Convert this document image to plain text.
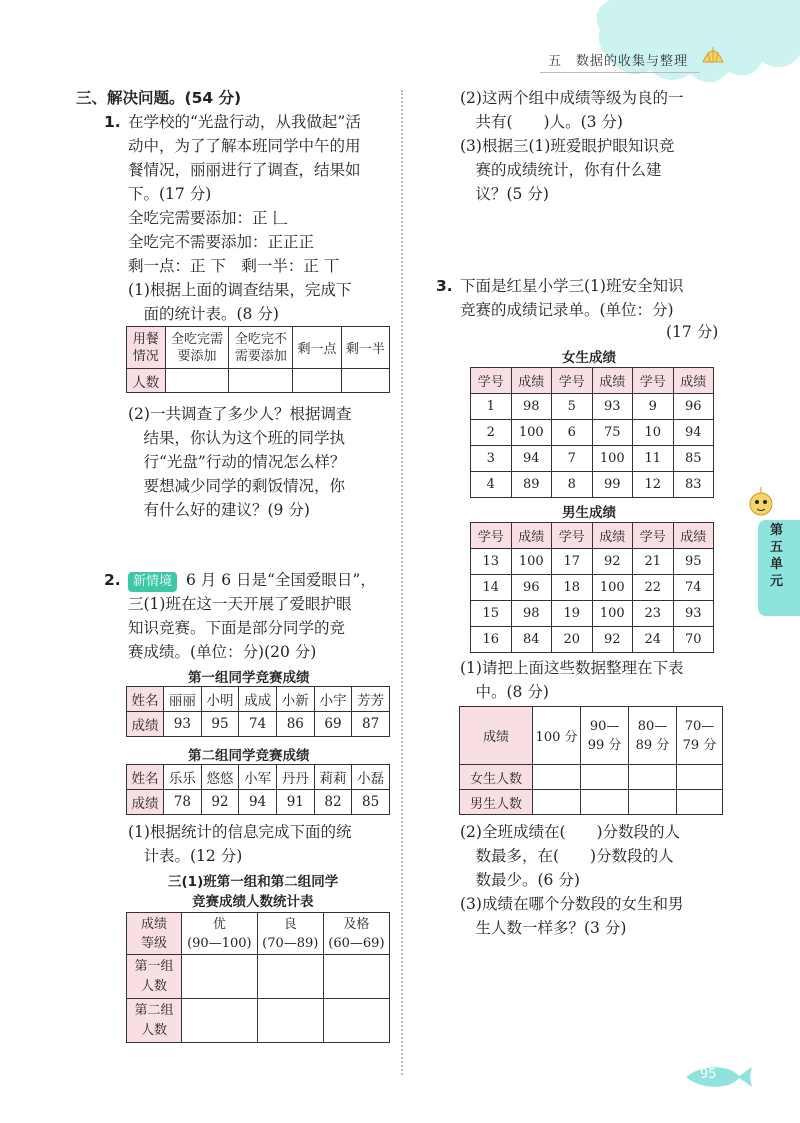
五　数据的收集与整理
三、解决问题。(54 分)
1. 在学校的“光盘行动，从我做起”活
动中，为了了解本班同学中午的用
餐情况，丽丽进行了调查，结果如
下。(17 分)
全吃完需要添加：正 𠃊
全吃完不需要添加：正正正
剩一点：正 下　剩一半：正 丅
(1)根据上面的调查结果，完成下
　面的统计表。(8 分)
用餐
情况	全吃完需
要添加	全吃完不
需要添加	剩一点	剩一半
人数				
(2)一共调查了多少人？根据调查
　结果，你认为这个班的同学执
　行“光盘”行动的情况怎么样？
　要想减少同学的剩饭情况，你
　有什么好的建议？(9 分)
2. 新情境 6 月 6 日是“全国爱眼日”，
三(1)班在这一天开展了爱眼护眼
知识竞赛。下面是部分同学的竞
赛成绩。(单位：分)(20 分)
第一组同学竞赛成绩
姓名	丽丽	小明	成成	小新	小宇	芳芳
成绩	93	95	74	86	69	87
第二组同学竞赛成绩
姓名	乐乐	悠悠	小军	丹丹	莉莉	小磊
成绩	78	92	94	91	82	85
(1)根据统计的信息完成下面的统
　计表。(12 分)
三(1)班第一组和第二组同学
竞赛成绩人数统计表
成绩
等级	优
(90—100)	良
(70—89)	及格
(60—69)
第一组
人数			
第二组
人数			
(2)这两个组中成绩等级为良的一
　共有(　　)人。(3 分)
(3)根据三(1)班爱眼护眼知识竞
　赛的成绩统计，你有什么建
　议？(5 分)
3. 下面是红星小学三(1)班安全知识
竞赛的成绩记录单。(单位：分)
(17 分)
女生成绩
学号	成绩	学号	成绩	学号	成绩
1	98	5	93	9	96
2	100	6	75	10	94
3	94	7	100	11	85
4	89	8	99	12	83
男生成绩
学号	成绩	学号	成绩	学号	成绩
13	100	17	92	21	95
14	96	18	100	22	74
15	98	19	100	23	93
16	84	20	92	24	70
(1)请把上面这些数据整理在下表
　中。(8 分)
成绩	100 分	90—
99 分	80—
89 分	70—
79 分
女生人数				
男生人数				
(2)全班成绩在(　　)分数段的人
　数最多，在(　　)分数段的人
　数最少。(6 分)
(3)成绩在哪个分数段的女生和男
　生人数一样多？(3 分)
第五单元
95
